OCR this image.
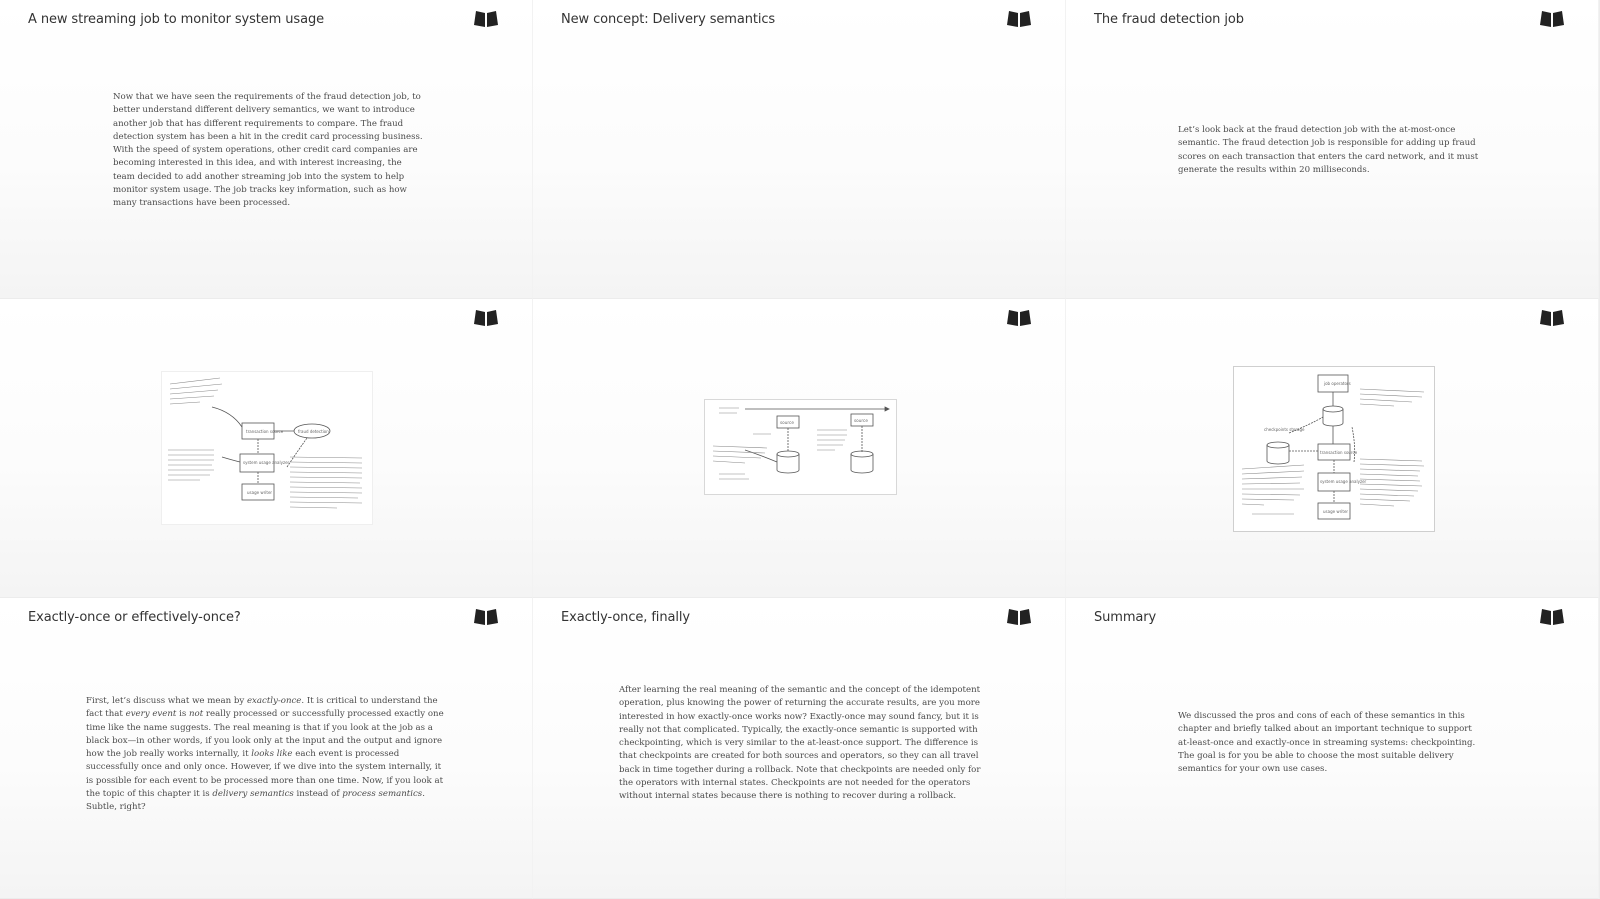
A new streaming job to monitor system usage
Now that we have seen the requirements of the fraud detection job, to better understand different delivery semantics, we want to introduce another job that has different requirements to compare. The fraud detection system has been a hit in the credit card processing business. With the speed of system operations, other credit card companies are becoming interested in this idea, and with interest increasing, the team decided to add another streaming job into the system to help monitor system usage. The job tracks key information, such as how many transactions have been processed.
New concept: Delivery semantics	The fraud detection job
Let’s look back at the fraud detection job with the at-most-once semantic. The fraud detection job is responsible for adding up fraud scores on each transaction that enters the card network, and it must generate the results within 20 milliseconds.
transaction source
system usage analyzer
usage writer
fraud detection
source	source
job operators
transaction source
system usage analyzer
usage writer
checkpoints storage
Exactly-once or effectively-once?
First, let’s discuss what we mean by exactly-once. It is critical to understand the fact that every event is not really processed or successfully processed exactly one time like the name suggests. The real meaning is that if you look at the job as a black box—in other words, if you look only at the input and the output and ignore how the job really works internally, it looks like each event is processed successfully once and only once. However, if we dive into the system internally, it is possible for each event to be processed more than one time. Now, if you look at the topic of this chapter it is delivery semantics instead of process semantics. Subtle, right?
Exactly-once, finally
After learning the real meaning of the semantic and the concept of the idempotent operation, plus knowing the power of returning the accurate results, are you more interested in how exactly-once works now? Exactly-once may sound fancy, but it is really not that complicated. Typically, the exactly-once semantic is supported with checkpointing, which is very similar to the at-least-once support. The difference is that checkpoints are created for both sources and operators, so they can all travel back in time together during a rollback. Note that checkpoints are needed only for the operators with internal states. Checkpoints are not needed for the operators without internal states because there is nothing to recover during a rollback.
Summary
We discussed the pros and cons of each of these semantics in this chapter and briefly talked about an important technique to support at-least-once and exactly-once in streaming systems: checkpointing. The goal is for you be able to choose the most suitable delivery semantics for your own use cases.
